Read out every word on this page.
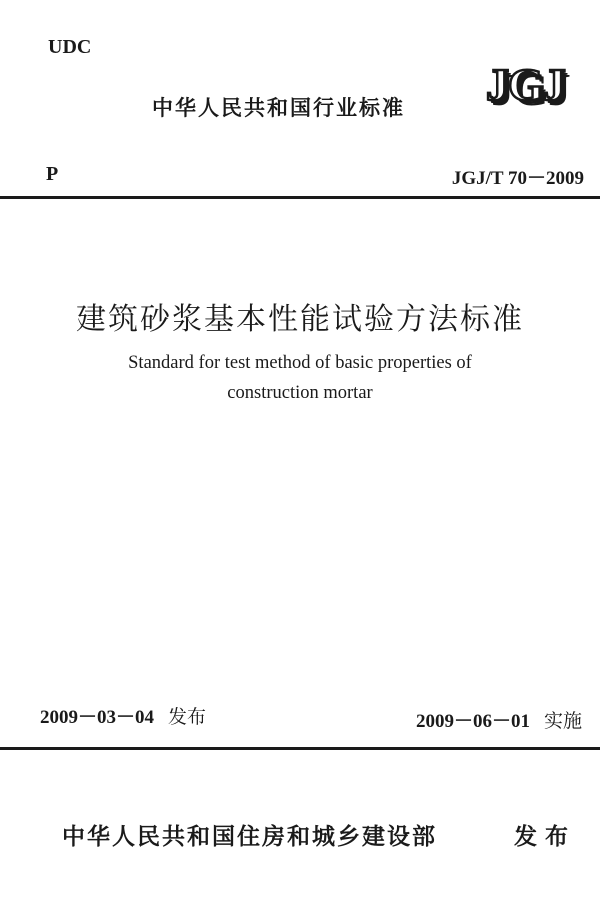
UDC
中华人民共和国行业标准 JGJ
P	JGJ/T 70－2009
建筑砂浆基本性能试验方法标准
Standard for test method of basic properties of
construction mortar
2009－03－04 发布	2009－06－01 实施
中华人民共和国住房和城乡建设部	发布
